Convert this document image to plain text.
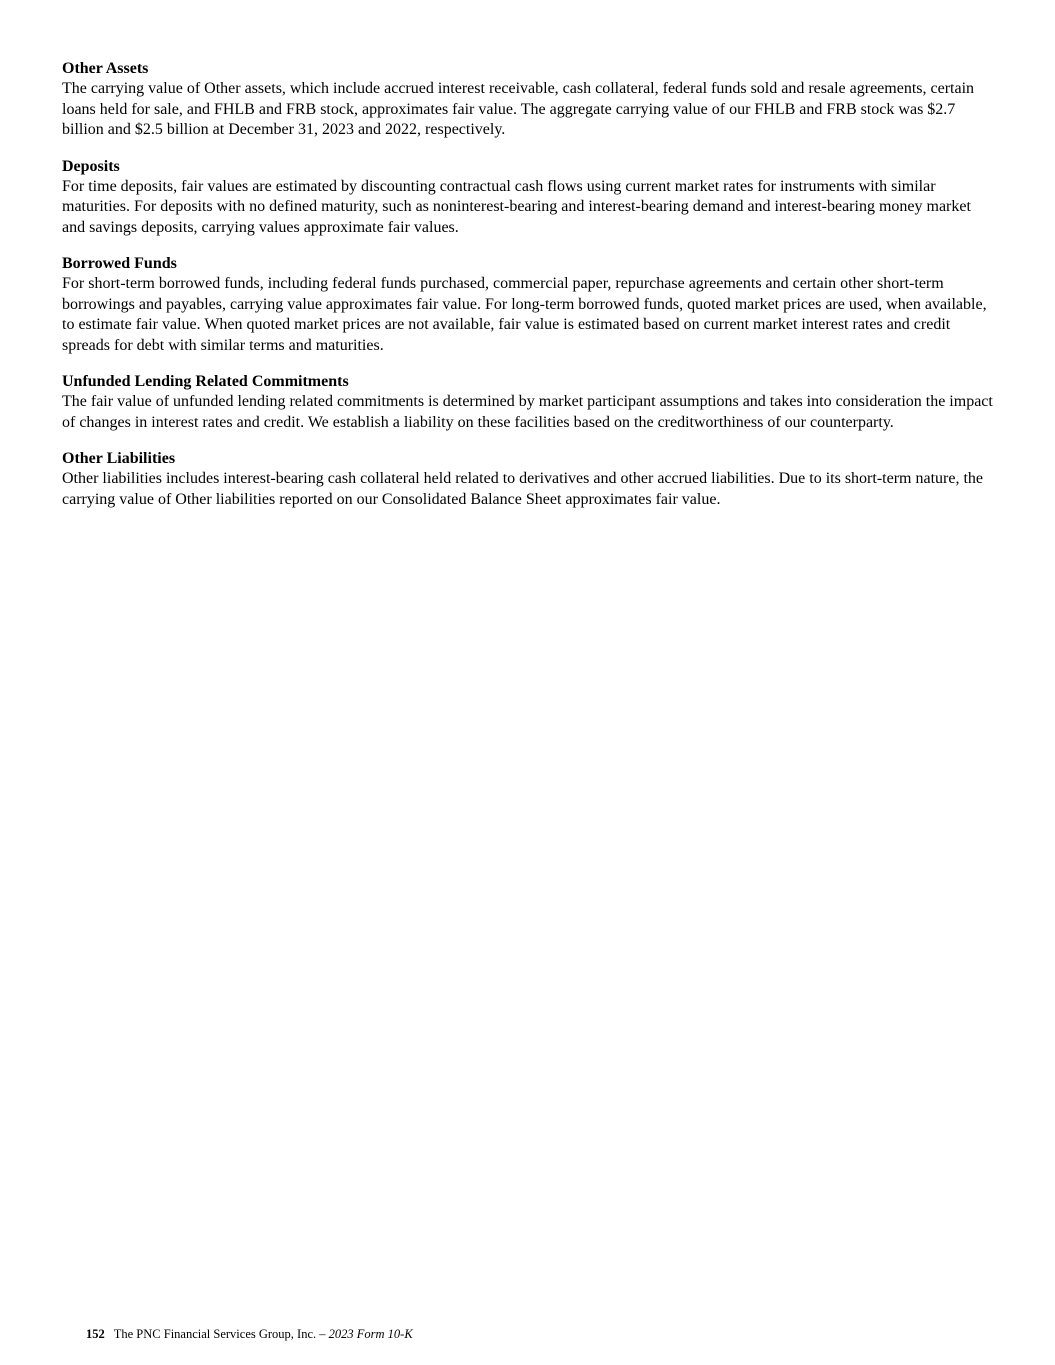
Other Assets

The carrying value of Other assets, which include accrued interest receivable, cash collateral, federal funds sold and resale agreements, certain loans held for sale, and FHLB and FRB stock, approximates fair value. The aggregate carrying value of our FHLB and FRB stock was $2.7 billion and $2.5 billion at December 31, 2023 and 2022, respectively.

Deposits

For time deposits, fair values are estimated by discounting contractual cash flows using current market rates for instruments with similar maturities. For deposits with no defined maturity, such as noninterest-bearing and interest-bearing demand and interest-bearing money market and savings deposits, carrying values approximate fair values.

Borrowed Funds

For short-term borrowed funds, including federal funds purchased, commercial paper, repurchase agreements and certain other short-term borrowings and payables, carrying value approximates fair value. For long-term borrowed funds, quoted market prices are used, when available, to estimate fair value. When quoted market prices are not available, fair value is estimated based on current market interest rates and credit spreads for debt with similar terms and maturities.

Unfunded Lending Related Commitments

The fair value of unfunded lending related commitments is determined by market participant assumptions and takes into consideration the impact of changes in interest rates and credit. We establish a liability on these facilities based on the creditworthiness of our counterparty.

Other Liabilities

Other liabilities includes interest-bearing cash collateral held related to derivatives and other accrued liabilities. Due to its short-term nature, the carrying value of Other liabilities reported on our Consolidated Balance Sheet approximates fair value.

152 The PNC Financial Services Group, Inc. – 2023 Form 10-K
